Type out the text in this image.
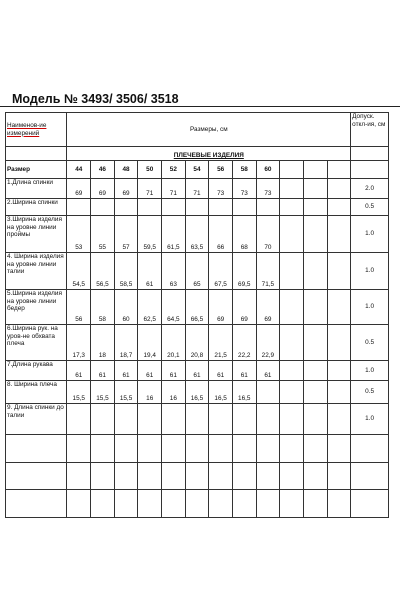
Модель № 3493/ 3506/ 3518
Наименов-ие измерений	Размеры, см												Допуск. откл-ия, см
	ПЛЕЧЕВЫЕ ИЗДЕЛИЯ												
Размер	44	46	48	50	52	54	56	58	60				
1.Длина спинки	69	69	69	71	71	71	73	73	73				2.0
2.Ширина спинки													0.5
3.Ширина изделия на уровне линии проймы	53	55	57	59,5	61,5	63,5	66	68	70				1.0
4. Ширина изделия на уровне линии талии	54,5	56,5	58,5	61	63	65	67,5	69,5	71,5				1.0
5.Ширина изделия на уровне линии бедер	56	58	60	62,5	64,5	66,5	69	69	69				1.0
6.Ширина рук. на уров-не обхвата плеча	17,3	18	18,7	19,4	20,1	20,8	21,5	22,2	22,9				0.5
7.Длина рукава	61	61	61	61	61	61	61	61	61				1.0
8. Ширина плеча	15,5	15,5	15,5	16	16	16,5	16,5	16,5					0.5
9. Длина спинки до талии													1.0
